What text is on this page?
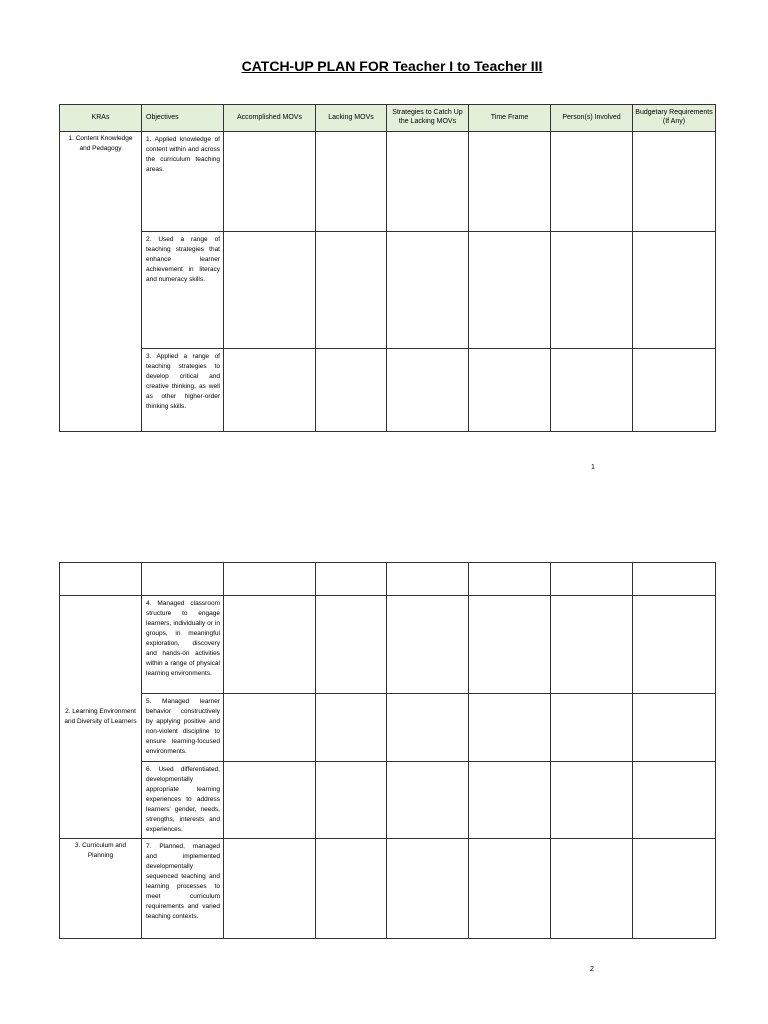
CATCH-UP PLAN FOR Teacher I to Teacher III
KRAs	Objectives	Accomplished MOVs	Lacking MOVs	Strategies to Catch Up the Lacking MOVs	Time Frame	Person(s) Involved	Budgetary Requirements (If Any)
1. Content Knowledge and Pedagogy	1. Applied knowledge of content within and across the curriculum teaching areas.						
	2. Used a range of teaching strategies that enhance learner achievement in literacy and numeracy skills.						
	3. Applied a range of teaching strategies to develop critical and creative thinking, as well as other higher-order thinking skills.						
1

2. Learning Environment and Diversity of Learners	4. Managed classroom structure to engage learners, individually or in groups, in meaningful exploration, discovery and hands-on activities within a range of physical learning environments.						
	5. Managed learner behavior constructively by applying positive and non-violent discipline to ensure learning-focused environments.						
	6. Used differentiated, developmentally appropriate learning experiences to address learners' gender, needs, strengths, interests and experiences.						
3. Curriculum and Planning	7. Planned, managed and implemented developmentally sequenced teaching and learning processes to meet curriculum requirements and varied teaching contexts.						
2
